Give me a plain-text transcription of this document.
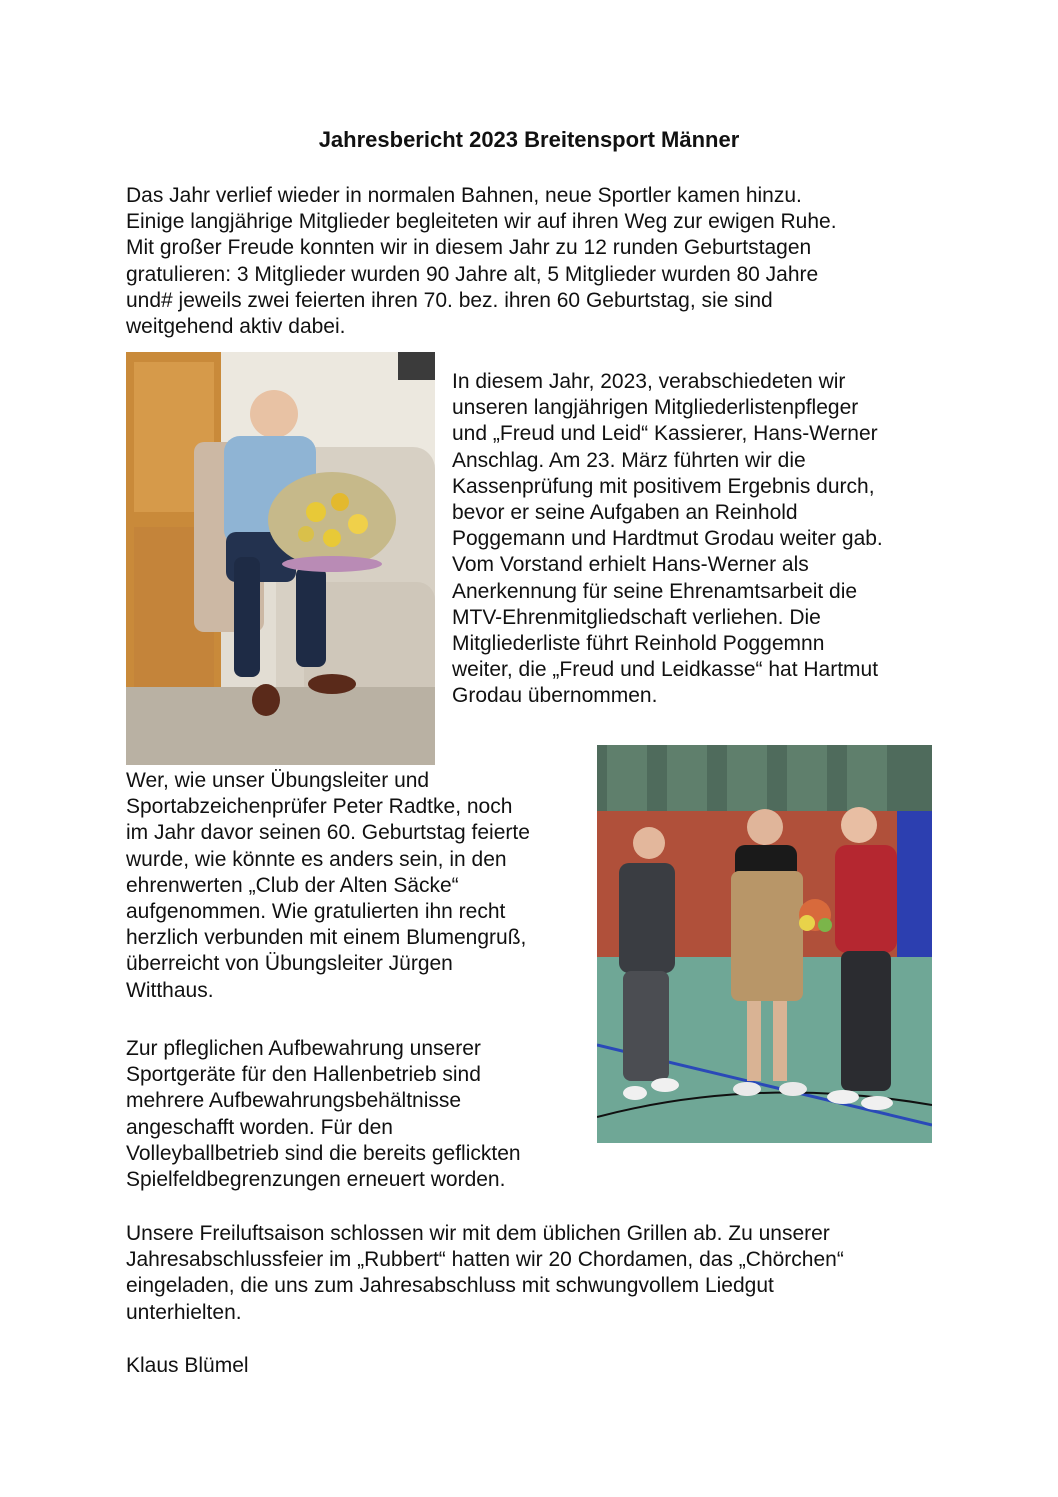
Jahresbericht 2023 Breitensport Männer

Das Jahr verlief wieder in normalen Bahnen, neue Sportler kamen hinzu.
Einige langjährige Mitglieder begleiteten wir auf ihren Weg zur ewigen Ruhe.
Mit großer Freude konnten wir in diesem Jahr zu 12 runden Geburtstagen
gratulieren: 3 Mitglieder wurden 90 Jahre alt, 5 Mitglieder wurden 80 Jahre
und# jeweils zwei feierten ihren 70. bez. ihren 60 Geburtstag, sie sind
weitgehend aktiv dabei.

In diesem Jahr, 2023, verabschiedeten wir
unseren langjährigen Mitgliederlistenpfleger
und „Freud und Leid“ Kassierer, Hans-Werner
Anschlag. Am 23. März führten wir die
Kassenprüfung mit positivem Ergebnis durch,
bevor er seine Aufgaben an Reinhold
Poggemann und Hardtmut Grodau weiter gab.
Vom Vorstand erhielt Hans-Werner als
Anerkennung für seine Ehrenamtsarbeit die
MTV-Ehrenmitgliedschaft verliehen. Die
Mitgliederliste führt Reinhold Poggemnn
weiter, die „Freud und Leidkasse“ hat Hartmut
Grodau übernommen.

Wer, wie unser Übungsleiter und
Sportabzeichenprüfer Peter Radtke, noch
im Jahr davor seinen 60. Geburtstag feierte
wurde, wie könnte es anders sein, in den
ehrenwerten „Club der Alten Säcke“
aufgenommen. Wie gratulierten ihn recht
herzlich verbunden mit einem Blumengruß,
überreicht von Übungsleiter Jürgen
Witthaus.

Zur pfleglichen Aufbewahrung unserer
Sportgeräte für den Hallenbetrieb sind
mehrere Aufbewahrungsbehältnisse
angeschafft worden. Für den
Volleyballbetrieb sind die bereits geflickten
Spielfeldbegrenzungen erneuert worden.

Unsere Freiluftsaison schlossen wir mit dem üblichen Grillen ab. Zu unserer
Jahresabschlussfeier im „Rubbert“ hatten wir 20 Chordamen, das „Chörchen“
eingeladen, die uns zum Jahresabschluss mit schwungvollem Liedgut
unterhielten.

Klaus Blümel
